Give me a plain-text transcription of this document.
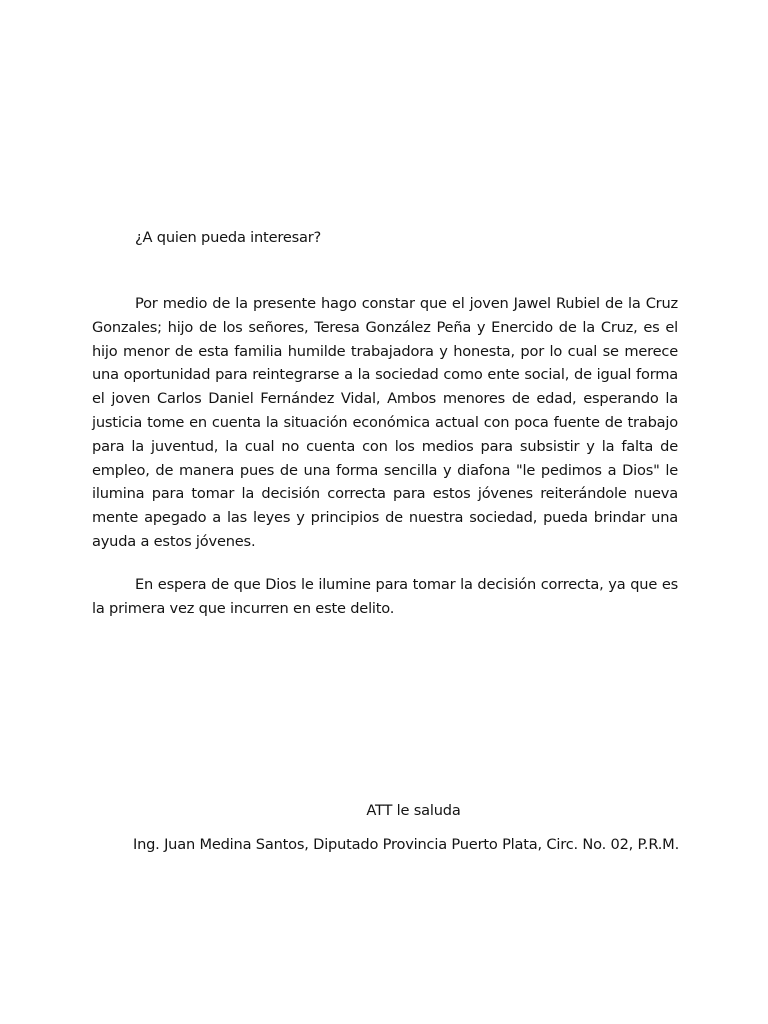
¿A quien pueda interesar?

Por medio de la presente hago constar que el joven Jawel Rubiel de la Cruz Gonzales; hijo de los señores, Teresa González Peña y Enercido de la Cruz, es el hijo menor de esta familia humilde trabajadora y honesta, por lo cual se merece una oportunidad para reintegrarse a la sociedad como ente social, de igual forma el joven Carlos Daniel Fernández Vidal, Ambos menores de edad, esperando la justicia tome en cuenta la situación económica actual con poca fuente de trabajo para la juventud, la cual no cuenta con los medios para subsistir y la falta de empleo, de manera pues de una forma sencilla y diafona "le pedimos a Dios" le ilumina para tomar la decisión correcta para estos jóvenes reiterándole nueva mente apegado a las leyes y principios de nuestra sociedad, pueda brindar una ayuda a estos jóvenes.

En espera de que Dios le ilumine para tomar la decisión correcta, ya que es la primera vez que incurren en este delito.

ATT le saluda
Ing. Juan Medina Santos, Diputado Provincia Puerto Plata, Circ. No. 02, P.R.M.
